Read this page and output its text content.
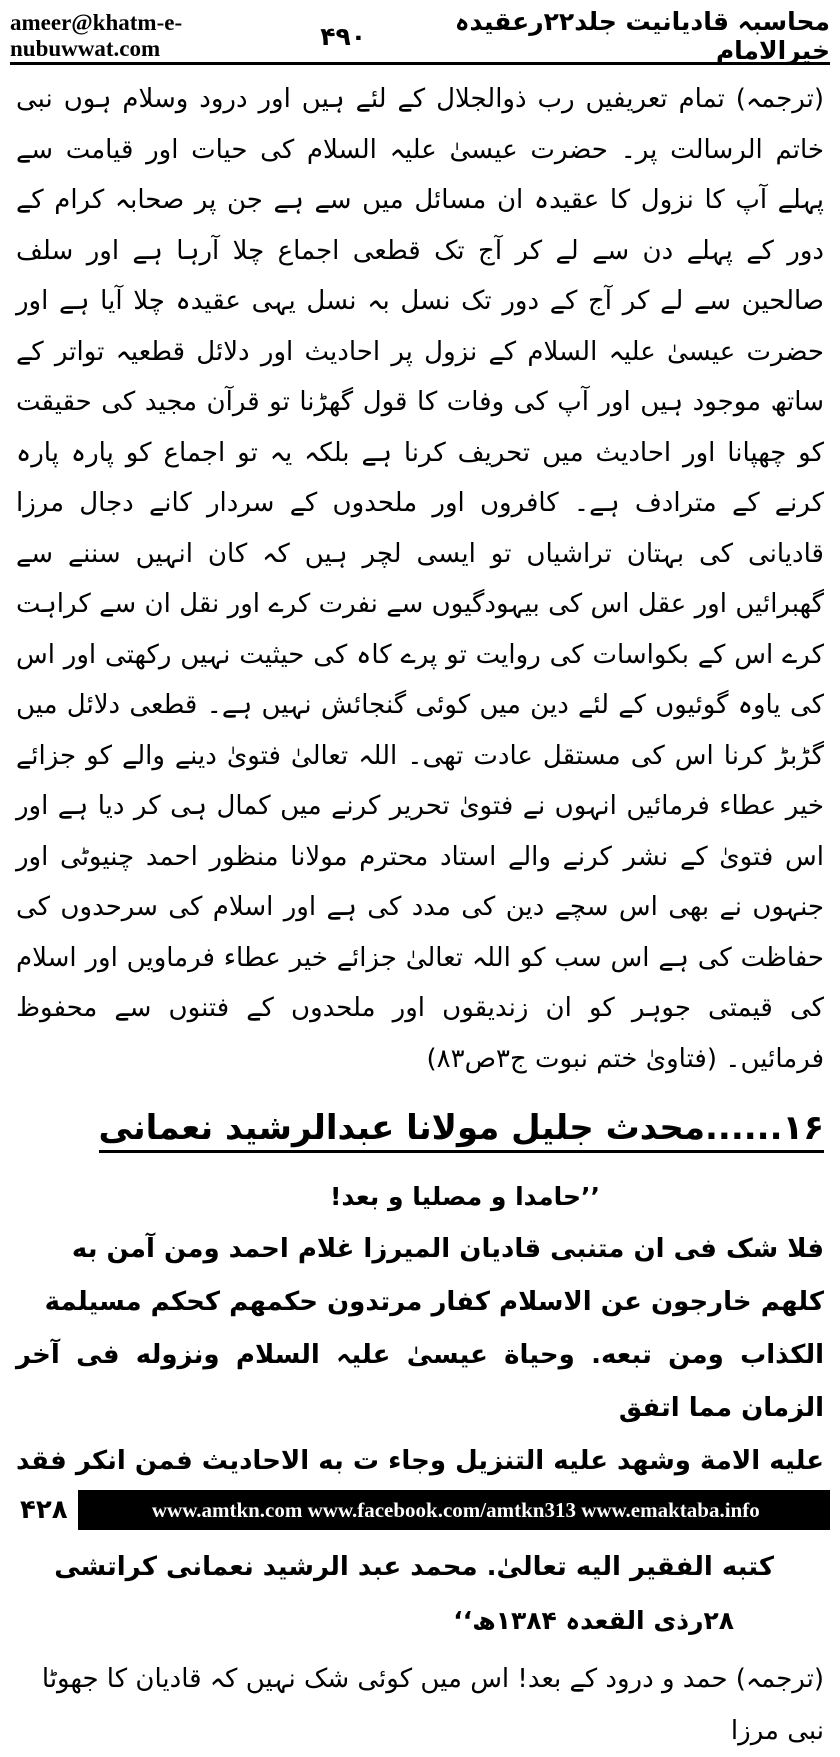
ameer@khatm-e-nubuwwat.com	۴۹۰	محاسبہ قادیانیت جلد۲۲رعقیدہ خیرالامام

(ترجمہ) تمام تعریفیں رب ذوالجلال کے لئے ہیں اور درود وسلام ہوں نبی خاتم الرسالت پر۔ حضرت عیسیٰ علیہ السلام کی حیات اور قیامت سے پہلے آپ کا نزول کا عقیدہ ان مسائل میں سے ہے جن پر صحابہ کرام کے دور کے پہلے دن سے لے کر آج تک قطعی اجماع چلا آرہا ہے اور سلف صالحین سے لے کر آج کے دور تک نسل بہ نسل یہی عقیدہ چلا آیا ہے اور حضرت عیسیٰ علیہ السلام کے نزول پر احادیث اور دلائل قطعیہ تواتر کے ساتھ موجود ہیں اور آپ کی وفات کا قول گھڑنا تو قرآن مجید کی حقیقت کو چھپانا اور احادیث میں تحریف کرنا ہے بلکہ یہ تو اجماع کو پارہ پارہ کرنے کے مترادف ہے۔ کافروں اور ملحدوں کے سردار کانے دجال مرزا قادیانی کی بہتان تراشیاں تو ایسی لچر ہیں کہ کان انہیں سننے سے گھبرائیں اور عقل اس کی بیہودگیوں سے نفرت کرے اور نقل ان سے کراہت کرے اس کے بکواسات کی روایت تو پرے کاہ کی حیثیت نہیں رکھتی اور اس کی یاوہ گوئیوں کے لئے دین میں کوئی گنجائش نہیں ہے۔ قطعی دلائل میں گڑبڑ کرنا اس کی مستقل عادت تھی۔ اللہ تعالیٰ فتویٰ دینے والے کو جزائے خیر عطاء فرمائیں انہوں نے فتویٰ تحریر کرنے میں کمال ہی کر دیا ہے اور اس فتویٰ کے نشر کرنے والے استاد محترم مولانا منظور احمد چنیوٹی اور جنہوں نے بھی اس سچے دین کی مدد کی ہے اور اسلام کی سرحدوں کی حفاظت کی ہے اس سب کو اللہ تعالیٰ جزائے خیر عطاء فرماویں اور اسلام کی قیمتی جوہر کو ان زندیقوں اور ملحدوں کے فتنوں سے محفوظ فرمائیں۔ (فتاویٰ ختم نبوت ج۳ص۸۳)

۱۶......محدث جلیل مولانا عبدالرشید نعمانی

’’حامدا و مصليا و بعد!

فلا شک فی ان متنبی قادیان المیرزا غلام احمد ومن آمن به

کلهم خارجون عن الاسلام کفار مرتدون حکمهم کحکم مسیلمة

الکذاب ومن تبعه. وحیاة عیسیٰ علیہ السلام ونزوله فی آخر الزمان مما اتفق

علیه الامة وشهد علیه التنزیل وجاء ت به الاحادیث فمن انکر فقد

کتبه الفقیر الیه تعالیٰ. محمد عبد الرشید نعمانی کراتشی

۲۸رذی القعدہ ۱۳۸۴ھ‘‘

(ترجمہ) حمد و درود کے بعد! اس میں کوئی شک نہیں کہ قادیان کا جھوٹا نبی مرزا

۴۲۸	www.amtkn.com www.facebook.com/amtkn313 www.emaktaba.info
